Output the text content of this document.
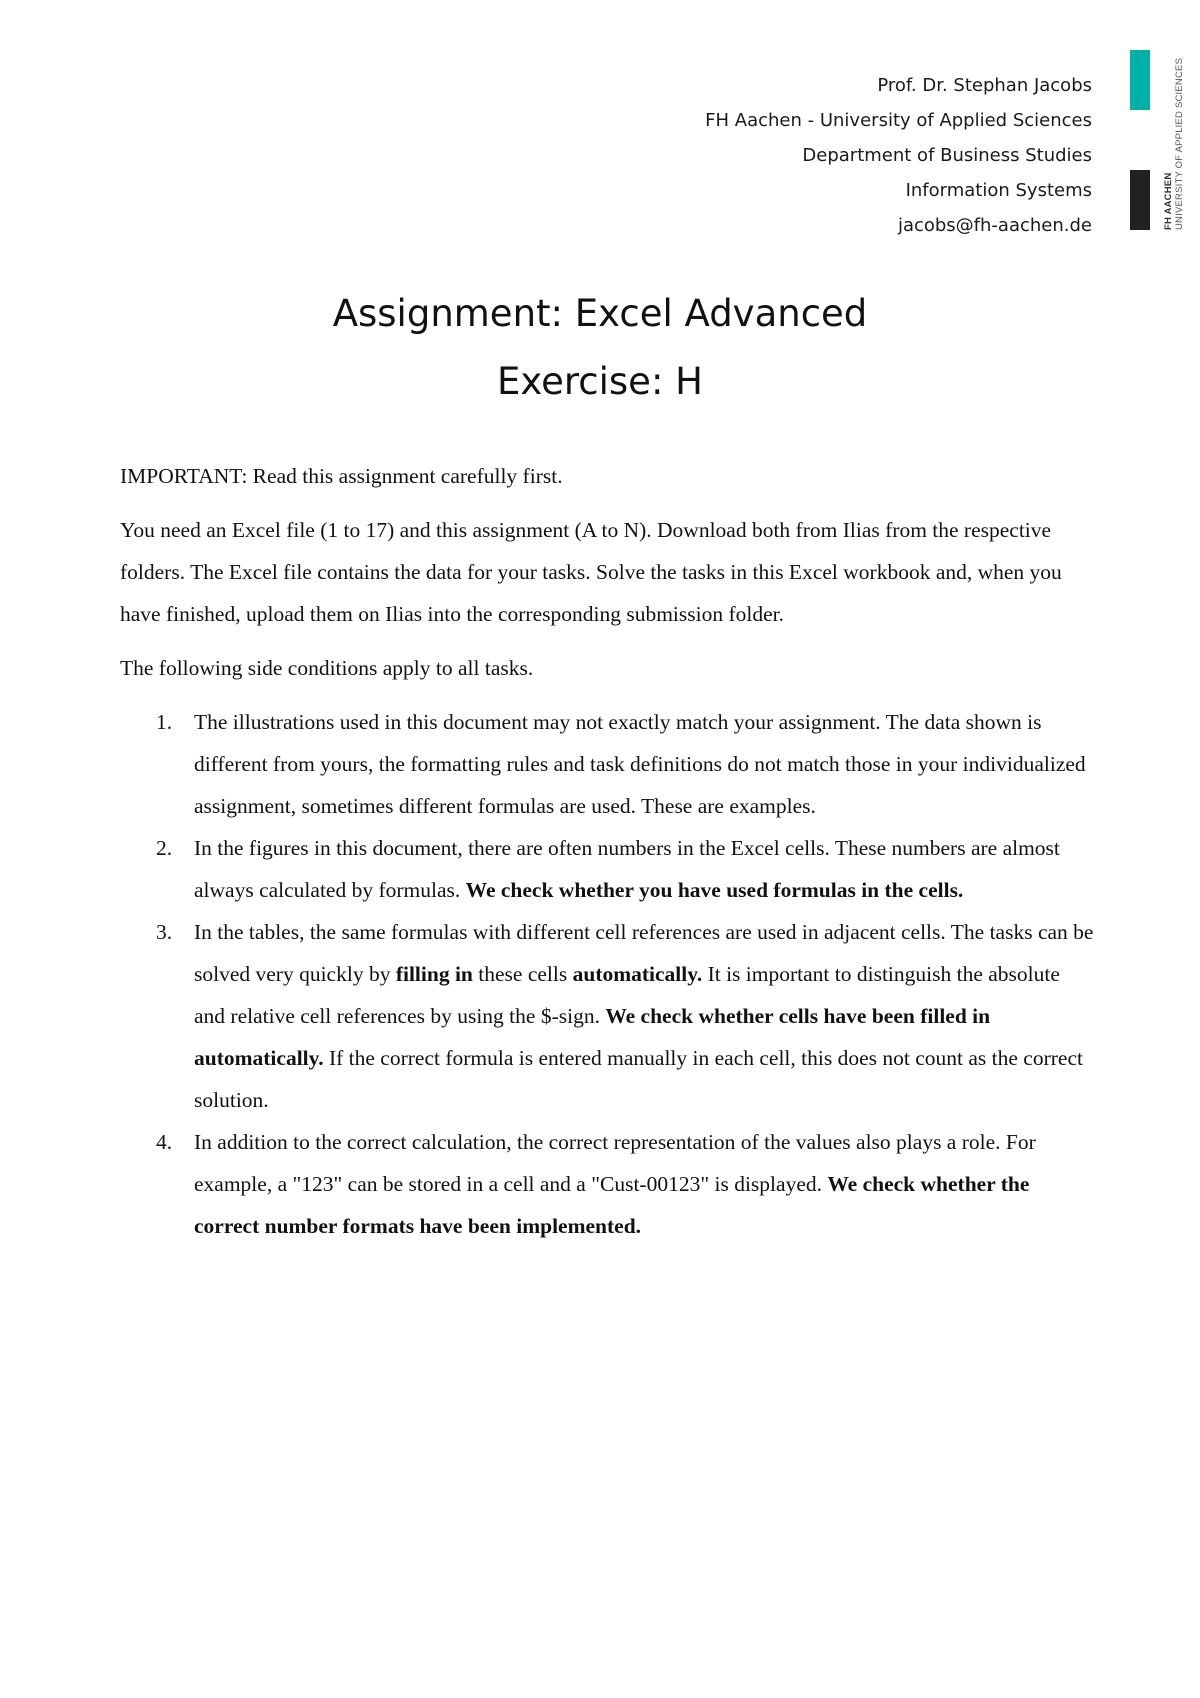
Prof. Dr. Stephan Jacobs
FH Aachen - University of Applied Sciences
Department of Business Studies
Information Systems
jacobs@fh-aachen.de	FH AACHEN UNIVERSITY OF APPLIED SCIENCES
Assignment: Excel Advanced
Exercise: H

IMPORTANT: Read this assignment carefully first.

You need an Excel file (1 to 17) and this assignment (A to N). Download both from Ilias from the respective folders. The Excel file contains the data for your tasks. Solve the tasks in this Excel workbook and, when you have finished, upload them on Ilias into the corresponding submission folder.

The following side conditions apply to all tasks.

1. The illustrations used in this document may not exactly match your assignment. The data shown is different from yours, the formatting rules and task definitions do not match those in your individualized assignment, sometimes different formulas are used. These are examples.
2. In the figures in this document, there are often numbers in the Excel cells. These numbers are almost always calculated by formulas. We check whether you have used formulas in the cells.
3. In the tables, the same formulas with different cell references are used in adjacent cells. The tasks can be solved very quickly by filling in these cells automatically. It is important to distinguish the absolute and relative cell references by using the $-sign. We check whether cells have been filled in automatically. If the correct formula is entered manually in each cell, this does not count as the correct solution.
4. In addition to the correct calculation, the correct representation of the values also plays a role. For example, a "123" can be stored in a cell and a "Cust-00123" is displayed. We check whether the correct number formats have been implemented.
